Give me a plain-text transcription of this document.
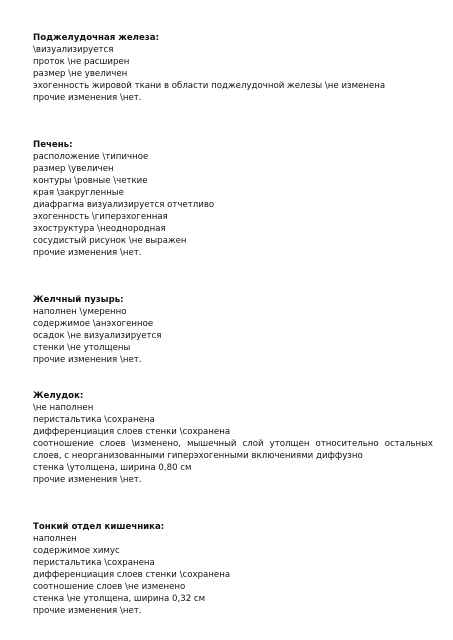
Поджелудочная железа:
\визуализируется
проток \не расширен
размер \не увеличен
эхогенность жировой ткани в области поджелудочной железы \не изменена
прочие изменения \нет.
Печень:
расположение \типичное
размер \увеличен
контуры \ровные \четкие
края \закругленные
диафрагма визуализируется отчетливо
эхогенность \гиперэхогенная
эхоструктура \неоднородная
сосудистый рисунок \не выражен
прочие изменения \нет.
Желчный пузырь:
наполнен \умеренно
содержимое \анэхогенное
осадок \не визуализируется
стенки \не утолщены
прочие изменения \нет.
Желудок:
\не наполнен
перистальтика \сохранена
дифференциация слоев стенки \сохранена
соотношение слоев \изменено, мышечный слой утолщен относительно остальных слоев, с неорганизованными гиперэхогенными включениями диффузно
стенка \утолщена, ширина 0,80 см
прочие изменения \нет.
Тонкий отдел кишечника:
наполнен
содержимое химус
перистальтика \сохранена
дифференциация слоев стенки \сохранена
соотношение слоев \не изменено
стенка \не утолщена, ширина 0,32 см
прочие изменения \нет.
